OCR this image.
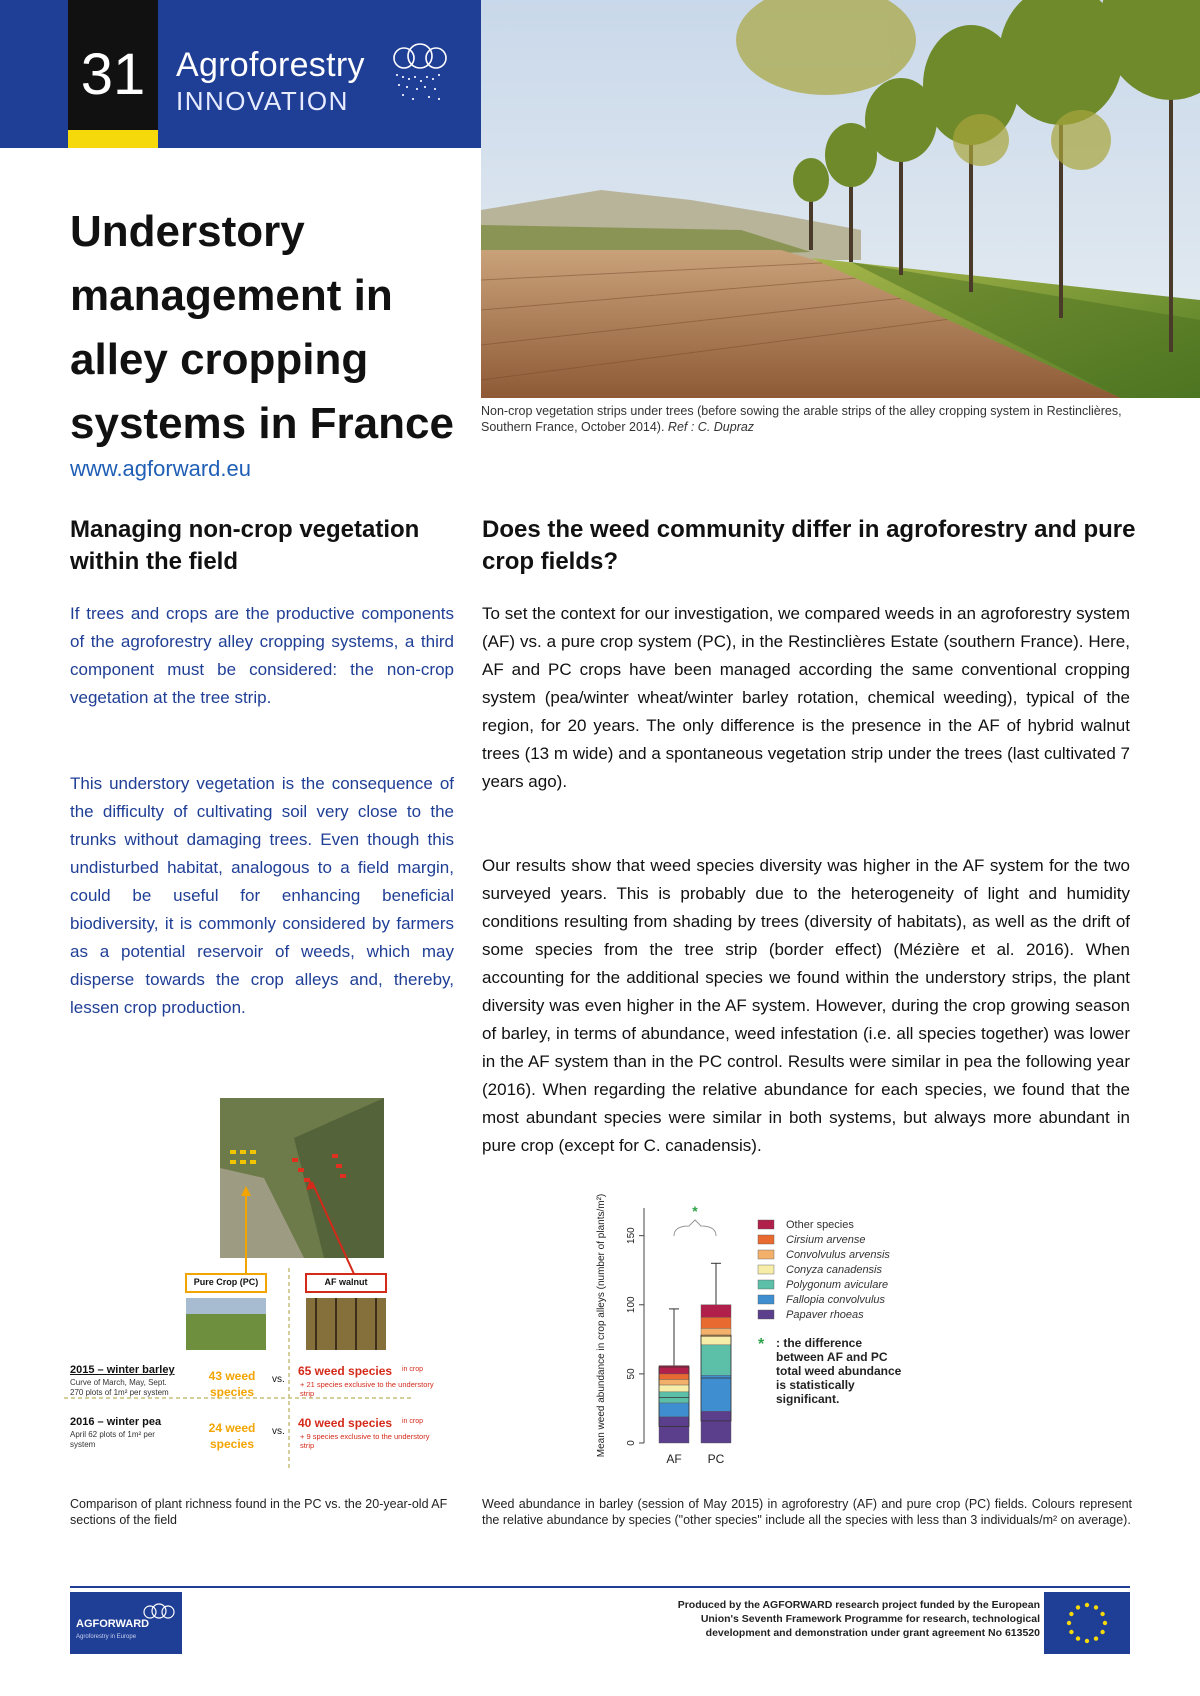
31 Agroforestry
INNOVATION
Non-crop vegetation strips under trees (before sowing the arable strips of the alley cropping system in Restinclières, Southern France, October 2014). Ref : C. Dupraz
Understory management in alley cropping systems in France
www.agforward.eu
Managing non-crop vegetation within the field
If trees and crops are the productive components of the agroforestry alley cropping systems, a third component must be considered: the non-crop vegetation at the tree strip.
This understory vegetation is the consequence of the difficulty of cultivating soil very close to the trunks without damaging trees. Even though this undisturbed habitat, analogous to a field margin, could be useful for enhancing beneficial biodiversity, it is commonly considered by farmers as a potential reservoir of weeds, which may disperse towards the crop alleys and, thereby, lessen crop production.
Does the weed community differ in agroforestry and pure crop fields?
To set the context for our investigation, we compared weeds in an agroforestry system (AF) vs. a pure crop system (PC), in the Restinclières Estate (southern France). Here, AF and PC crops have been managed according the same conventional cropping system (pea/winter wheat/winter barley rotation, chemical weeding), typical of the region, for 20 years. The only difference is the presence in the AF of hybrid walnut trees (13 m wide) and a spontaneous vegetation strip under the trees (last cultivated 7 years ago).
Our results show that weed species diversity was higher in the AF system for the two surveyed years. This is probably due to the heterogeneity of light and humidity conditions resulting from shading by trees (diversity of habitats), as well as the drift of some species from the tree strip (border effect) (Mézière et al. 2016). When accounting for the additional species we found within the understory strips, the plant diversity was even higher in the AF system. However, during the crop growing season of barley, in terms of abundance, weed infestation (i.e. all species together) was lower in the AF system than in the PC control. Results were similar in pea the following year (2016). When regarding the relative abundance for each species, we found that the most abundant species were similar in both systems, but always more abundant in pure crop (except for C. canadensis).
Pure Crop (PC)	AF walnut
2015 – winter barley
Curve of March, May, Sept. 270 plots of 1m² per system
43 weed species
vs.
65 weed species in crop
+ 21 species exclusive to the understory strip
2016 – winter pea
April 62 plots of 1m² per system
24 weed species
vs.
40 weed species in crop
+ 9 species exclusive to the understory strip
Comparison of plant richness found in the PC vs. the 20-year-old AF sections of the field
Mean weed abundance in crop alleys (number of plants/m²) 0
50
100
150
AF PC
*
Other species
Cirsium arvense
Convolvulus arvensis
Conyza canadensis
Polygonum aviculare
Fallopia convolvulus
Papaver rhoeas
* : the difference between AF and PC total weed abundance is statistically significant.
Weed abundance in barley (session of May 2015) in agroforestry (AF) and pure crop (PC) fields. Colours represent the relative abundance by species ("other species" include all the species with less than 3 individuals/m² on average).
AGFORWARD
Agroforestry in Europe
Produced by the AGFORWARD research project funded by the European Union's Seventh Framework Programme for research, technological development and demonstration under grant agreement No 613520
